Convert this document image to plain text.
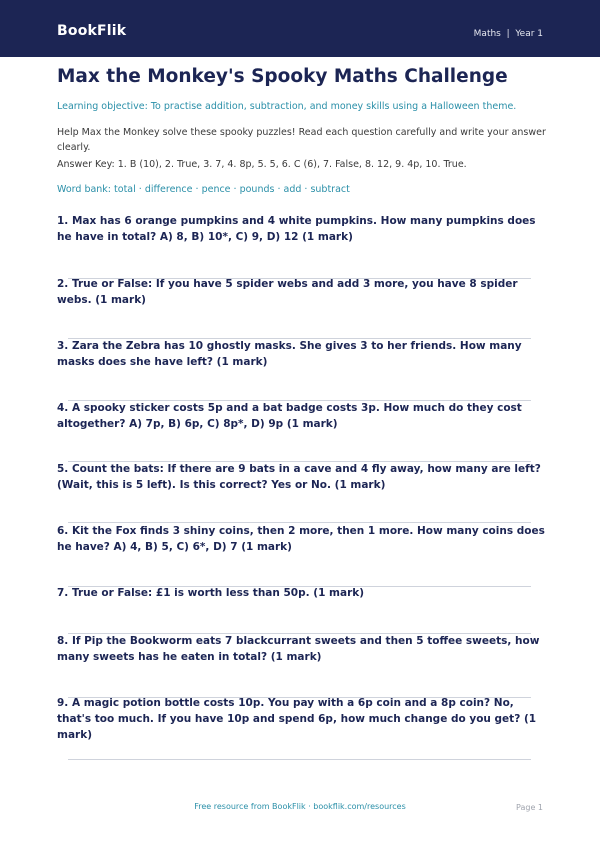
BookFlik	Maths  |  Year 1
Max the Monkey's Spooky Maths Challenge
Learning objective: To practise addition, subtraction, and money skills using a Halloween theme.
Help Max the Monkey solve these spooky puzzles! Read each question carefully and write your answer clearly.
Answer Key: 1. B (10), 2. True, 3. 7, 4. 8p, 5. 5, 6. C (6), 7. False, 8. 12, 9. 4p, 10. True.
Word bank: total · difference · pence · pounds · add · subtract
1. Max has 6 orange pumpkins and 4 white pumpkins. How many pumpkins does he have in total? A) 8, B) 10*, C) 9, D) 12 (1 mark)
2. True or False: If you have 5 spider webs and add 3 more, you have 8 spider webs. (1 mark)
3. Zara the Zebra has 10 ghostly masks. She gives 3 to her friends. How many masks does she have left? (1 mark)
4. A spooky sticker costs 5p and a bat badge costs 3p. How much do they cost altogether? A) 7p, B) 6p, C) 8p*, D) 9p (1 mark)
5. Count the bats: If there are 9 bats in a cave and 4 fly away, how many are left? (Wait, this is 5 left). Is this correct? Yes or No. (1 mark)
6. Kit the Fox finds 3 shiny coins, then 2 more, then 1 more. How many coins does he have? A) 4, B) 5, C) 6*, D) 7 (1 mark)
7. True or False: £1 is worth less than 50p. (1 mark)
8. If Pip the Bookworm eats 7 blackcurrant sweets and then 5 toffee sweets, how many sweets has he eaten in total? (1 mark)
9. A magic potion bottle costs 10p. You pay with a 6p coin and a 8p coin? No, that's too much. If you have 10p and spend 6p, how much change do you get? (1 mark)
Free resource from BookFlik · bookflik.com/resources	Page 1
